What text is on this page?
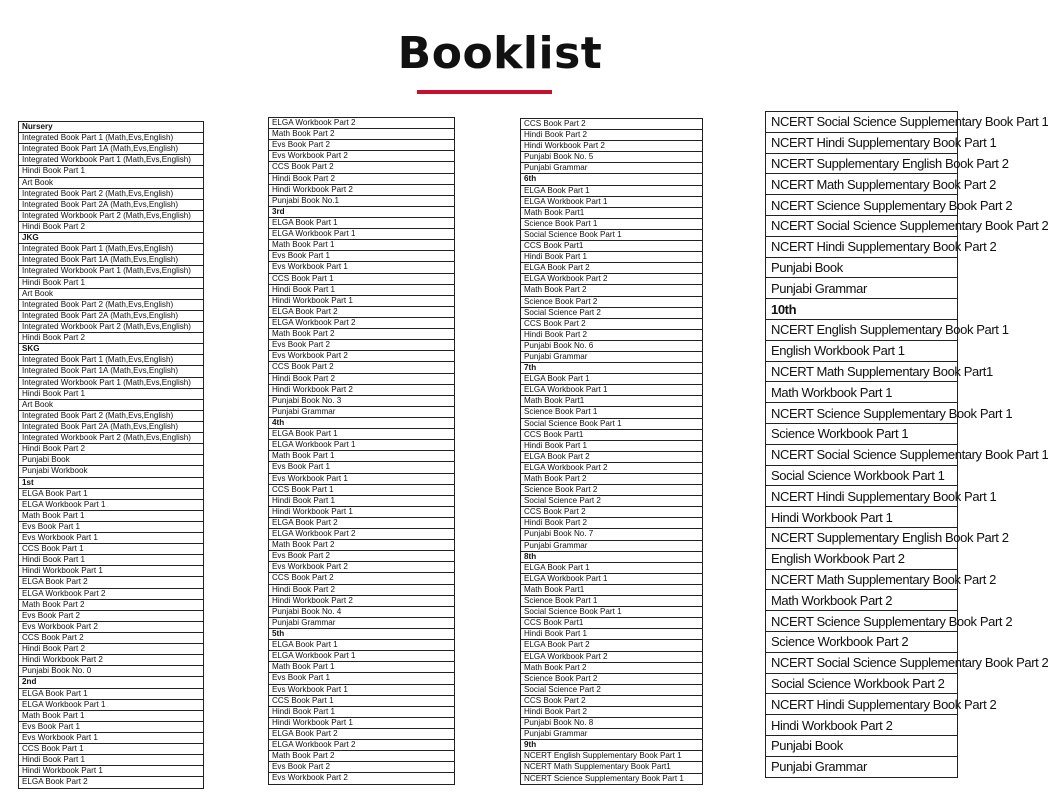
Booklist
Nursery
Integrated Book Part 1 (Math,Evs,English)
Integrated Book Part 1A (Math,Evs,English)
Integrated Workbook Part 1 (Math,Evs,English)
Hindi Book Part 1
Art Book
Integrated Book Part 2 (Math,Evs,English)
Integrated Book Part 2A (Math,Evs,English)
Integrated Workbook Part 2 (Math,Evs,English)
Hindi Book Part 2
JKG
Integrated Book Part 1 (Math,Evs,English)
Integrated Book Part 1A (Math,Evs,English)
Integrated Workbook Part 1 (Math,Evs,English)
Hindi Book Part 1
Art Book
Integrated Book Part 2 (Math,Evs,English)
Integrated Book Part 2A (Math,Evs,English)
Integrated Workbook Part 2 (Math,Evs,English)
Hindi Book Part 2
SKG
Integrated Book Part 1 (Math,Evs,English)
Integrated Book Part 1A (Math,Evs,English)
Integrated Workbook Part 1 (Math,Evs,English)
Hindi Book Part 1
Art Book
Integrated Book Part 2 (Math,Evs,English)
Integrated Book Part 2A (Math,Evs,English)
Integrated Workbook Part 2 (Math,Evs,English)
Hindi Book Part 2
Punjabi Book
Punjabi Workbook
1st
ELGA Book Part 1
ELGA Workbook Part 1
Math Book Part 1
Evs Book Part 1
Evs Workbook Part 1
CCS Book Part 1
Hindi Book Part 1
Hindi Workbook Part 1
ELGA Book Part 2
ELGA Workbook Part 2
Math Book Part 2
Evs Book Part 2
Evs Workbook Part 2
CCS Book Part 2
Hindi Book Part 2
Hindi Workbook Part 2
Punjabi Book No. 0
2nd
ELGA Book Part 1
ELGA Workbook Part 1
Math Book Part 1
Evs Book Part 1
Evs Workbook Part 1
CCS Book Part 1
Hindi Book Part 1
Hindi Workbook Part 1
ELGA Book Part 2
ELGA Workbook Part 2
Math Book Part 2
Evs Book Part 2
Evs Workbook Part 2
CCS Book Part 2
Hindi Book Part 2
Hindi Workbook Part 2
Punjabi Book No.1
3rd
ELGA Book Part 1
ELGA Workbook Part 1
Math Book Part 1
Evs Book Part 1
Evs Workbook Part 1
CCS Book Part 1
Hindi Book Part 1
Hindi Workbook Part 1
ELGA Book Part 2
ELGA Workbook Part 2
Math Book Part 2
Evs Book Part 2
Evs Workbook Part 2
CCS Book Part 2
Hindi Book Part 2
Hindi Workbook Part 2
Punjabi Book No. 3
Punjabi Grammar
4th
ELGA Book Part 1
ELGA Workbook Part 1
Math Book Part 1
Evs Book Part 1
Evs Workbook Part 1
CCS Book Part 1
Hindi Book Part 1
Hindi Workbook Part 1
ELGA Book Part 2
ELGA Workbook Part 2
Math Book Part 2
Evs Book Part 2
Evs Workbook Part 2
CCS Book Part 2
Hindi Book Part 2
Hindi Workbook Part 2
Punjabi Book No. 4
Punjabi Grammar
5th
ELGA Book Part 1
ELGA Workbook Part 1
Math Book Part 1
Evs Book Part 1
Evs Workbook Part 1
CCS Book Part 1
Hindi Book Part 1
Hindi Workbook Part 1
ELGA Book Part 2
ELGA Workbook Part 2
Math Book Part 2
Evs Book Part 2
Evs Workbook Part 2
CCS Book Part 2
Hindi Book Part 2
Hindi Workbook Part 2
Punjabi Book No. 5
Punjabi Grammar
6th
ELGA Book Part 1
ELGA Workbook Part 1
Math Book Part1
Science Book Part 1
Social Science Book Part 1
CCS Book Part1
Hindi Book Part 1
ELGA Book Part 2
ELGA Workbook Part 2
Math Book Part 2
Science Book Part 2
Social Science Part 2
CCS Book Part 2
Hindi Book Part 2
Punjabi Book No. 6
Punjabi Grammar
7th
ELGA Book Part 1
ELGA Workbook Part 1
Math Book Part1
Science Book Part 1
Social Science Book Part 1
CCS Book Part1
Hindi Book Part 1
ELGA Book Part 2
ELGA Workbook Part 2
Math Book Part 2
Science Book Part 2
Social Science Part 2
CCS Book Part 2
Hindi Book Part 2
Punjabi Book No. 7
Punjabi Grammar
8th
ELGA Book Part 1
ELGA Workbook Part 1
Math Book Part1
Science Book Part 1
Social Science Book Part 1
CCS Book Part1
Hindi Book Part 1
ELGA Book Part 2
ELGA Workbook Part 2
Math Book Part 2
Science Book Part 2
Social Science Part 2
CCS Book Part 2
Hindi Book Part 2
Punjabi Book No. 8
Punjabi Grammar
9th
NCERT English Supplementary Book Part 1
NCERT Math Supplementary Book Part1
NCERT Science Supplementary Book Part 1
NCERT Social Science Supplementary Book Part 1
NCERT Hindi Supplementary Book Part 1
NCERT Supplementary English Book Part 2
NCERT Math Supplementary Book Part 2
NCERT Science Supplementary Book Part 2
NCERT Social Science Supplementary Book Part 2
NCERT Hindi Supplementary Book Part 2
Punjabi Book
Punjabi Grammar
10th
NCERT English Supplementary Book Part 1
English Workbook Part 1
NCERT Math Supplementary Book Part1
Math Workbook Part 1
NCERT Science Supplementary Book Part 1
Science Workbook Part 1
NCERT Social Science Supplementary Book Part 1
Social Science Workbook Part 1
NCERT Hindi Supplementary Book Part 1
Hindi Workbook Part 1
NCERT Supplementary English Book Part 2
English Workbook Part 2
NCERT Math Supplementary Book Part 2
Math Workbook Part 2
NCERT Science Supplementary Book Part 2
Science Workbook Part 2
NCERT Social Science Supplementary Book Part 2
Social Science Workbook Part 2
NCERT Hindi Supplementary Book Part 2
Hindi Workbook Part 2
Punjabi Book
Punjabi Grammar
